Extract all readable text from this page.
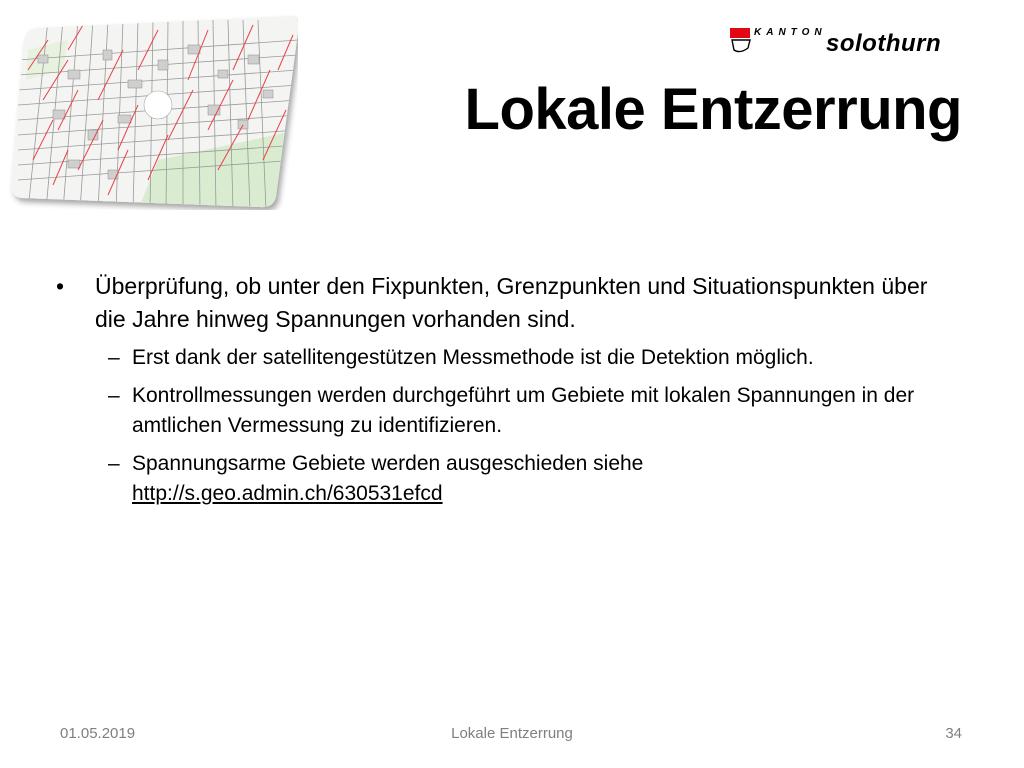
KANTON solothurn
Lokale Entzerrung
• Überprüfung, ob unter den Fixpunkten, Grenzpunkten und Situationspunkten über die Jahre hinweg Spannungen vorhanden sind.
– Erst dank der satellitengestützen Messmethode ist die Detektion möglich.
– Kontrollmessungen werden durchgeführt um Gebiete mit lokalen Spannungen in der amtlichen Vermessung zu identifizieren.
– Spannungsarme Gebiete werden ausgeschieden siehe
http://s.geo.admin.ch/630531efcd
01.05.2019	Lokale Entzerrung	34
